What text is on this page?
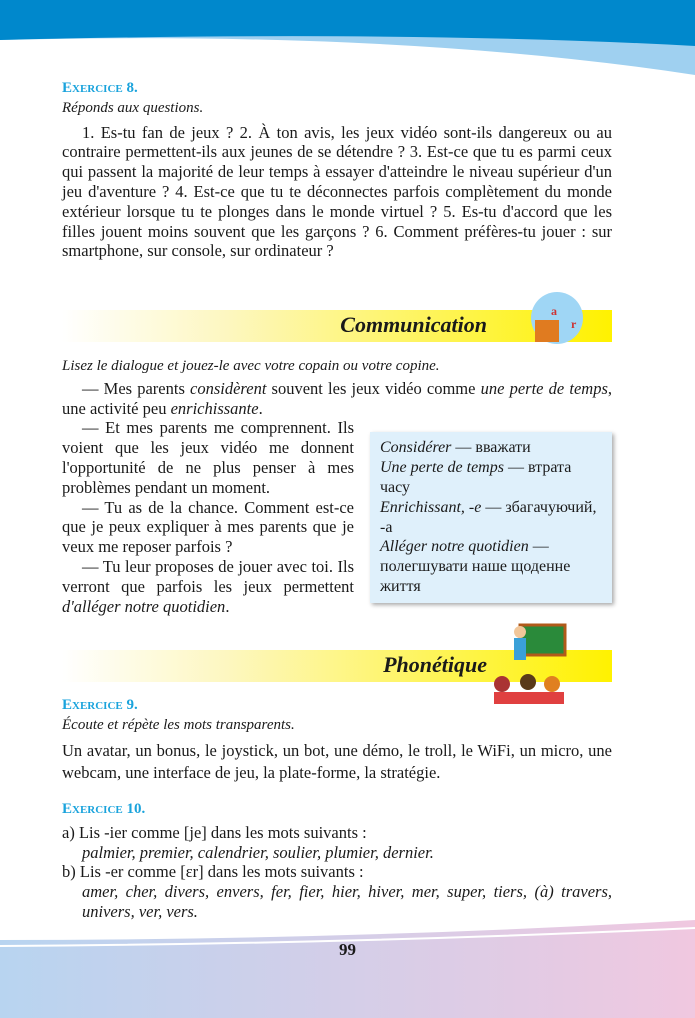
Exercice 8.
Réponds aux questions.

1. Es-tu fan de jeux ? 2. À ton avis, les jeux vidéo sont-ils dangereux ou au contraire permettent-ils aux jeunes de se détendre ? 3. Est-ce que tu es parmi ceux qui passent la majorité de leur temps à essayer d'atteindre le niveau supérieur d'un jeu d'aventure ? 4. Est-ce que tu te déconnectes parfois complètement du monde extérieur lorsque tu te plonges dans le monde virtuel ? 5. Es-tu d'accord que les filles jouent moins souvent que les garçons ? 6. Comment préfères-tu jouer : sur smartphone, sur console, sur ordinateur ?

Communication
a
r
Lisez le dialogue et jouez-le avec votre copain ou votre copine.

— Mes parents considèrent souvent les jeux vidéo comme une perte de temps, une activité peu enrichissante.

Considérer — вважати
Une perte de temps — втрата часу
Enrichissant, -e — збагачуючий, -а
Alléger notre quotidien — полегшувати наше щоденне життя

— Et mes parents me comprennent. Ils voient que les jeux vidéo me donnent l'opportunité de ne plus penser à mes problèmes pendant un moment.

— Tu as de la chance. Comment est-ce que je peux expliquer à mes parents que je veux me reposer parfois ?

— Tu leur proposes de jouer avec toi. Ils verront que parfois les jeux permettent d'alléger notre quotidien.

Phonétique
Exercice 9.
Écoute et répète les mots transparents.
Un avatar, un bonus, le joystick, un bot, une démo, le troll, le WiFi, un micro, une webcam, une interface de jeu, la plate-forme, la stratégie.
Exercice 10.
a) Lis -ier comme [je] dans les mots suivants :
palmier, premier, calendrier, soulier, plumier, dernier.
b) Lis -er comme [ɛr] dans les mots suivants :
amer, cher, divers, envers, fer, fier, hier, hiver, mer, super, tiers, (à) travers, univers, ver, vers.
99
